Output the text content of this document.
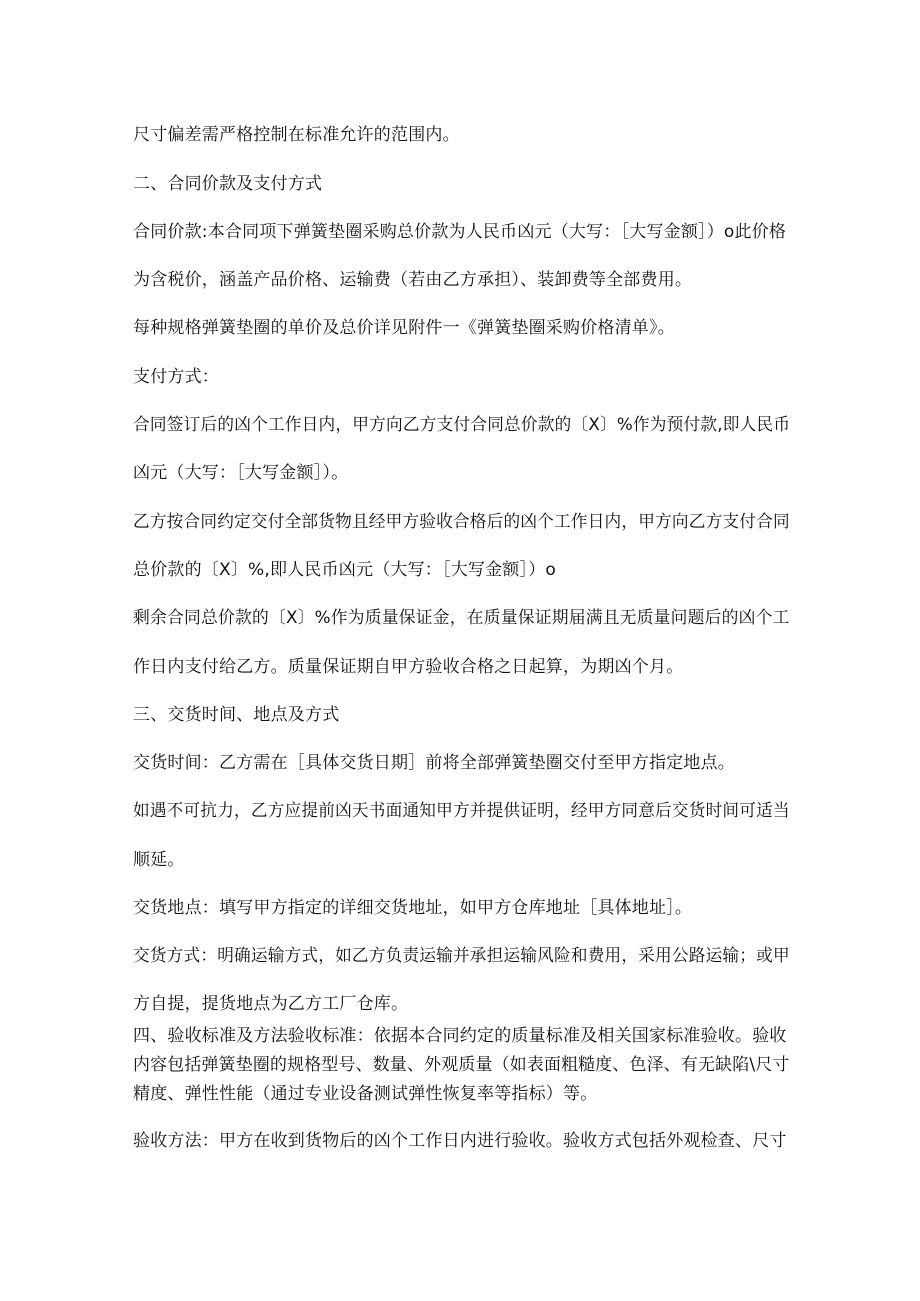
尺寸偏差需严格控制在标准允许的范围内。
二、合同价款及支付方式
合同价款:本合同项下弹簧垫圈采购总价款为人民币凶元（大写：［大写金额］）o此价格
为含税价，涵盖产品价格、运输费（若由乙方承担）、装卸费等全部费用。
每种规格弹簧垫圈的单价及总价详见附件一《弹簧垫圈采购价格清单》。
支付方式：
合同签订后的凶个工作日内，甲方向乙方支付合同总价款的〔X〕%作为预付款,即人民币
凶元（大写：［大写金额］）。
乙方按合同约定交付全部货物且经甲方验收合格后的凶个工作日内，甲方向乙方支付合同
总价款的〔X〕%,即人民币凶元（大写：［大写金额］）o
剩余合同总价款的〔X〕%作为质量保证金，在质量保证期届满且无质量问题后的凶个工
作日内支付给乙方。质量保证期自甲方验收合格之日起算，为期凶个月。
三、交货时间、地点及方式
交货时间：乙方需在［具体交货日期］前将全部弹簧垫圈交付至甲方指定地点。
如遇不可抗力，乙方应提前凶天书面通知甲方并提供证明，经甲方同意后交货时间可适当
顺延。
交货地点：填写甲方指定的详细交货地址，如甲方仓库地址［具体地址］。
交货方式：明确运输方式，如乙方负责运输并承担运输风险和费用，采用公路运输；或甲
方自提，提货地点为乙方工厂仓库。
四、验收标准及方法验收标准：依据本合同约定的质量标准及相关国家标准验收。验收
内容包括弹簧垫圈的规格型号、数量、外观质量（如表面粗糙度、色泽、有无缺陷\尺寸
精度、弹性性能（通过专业设备测试弹性恢复率等指标）等。
验收方法：甲方在收到货物后的凶个工作日内进行验收。验收方式包括外观检查、尺寸
